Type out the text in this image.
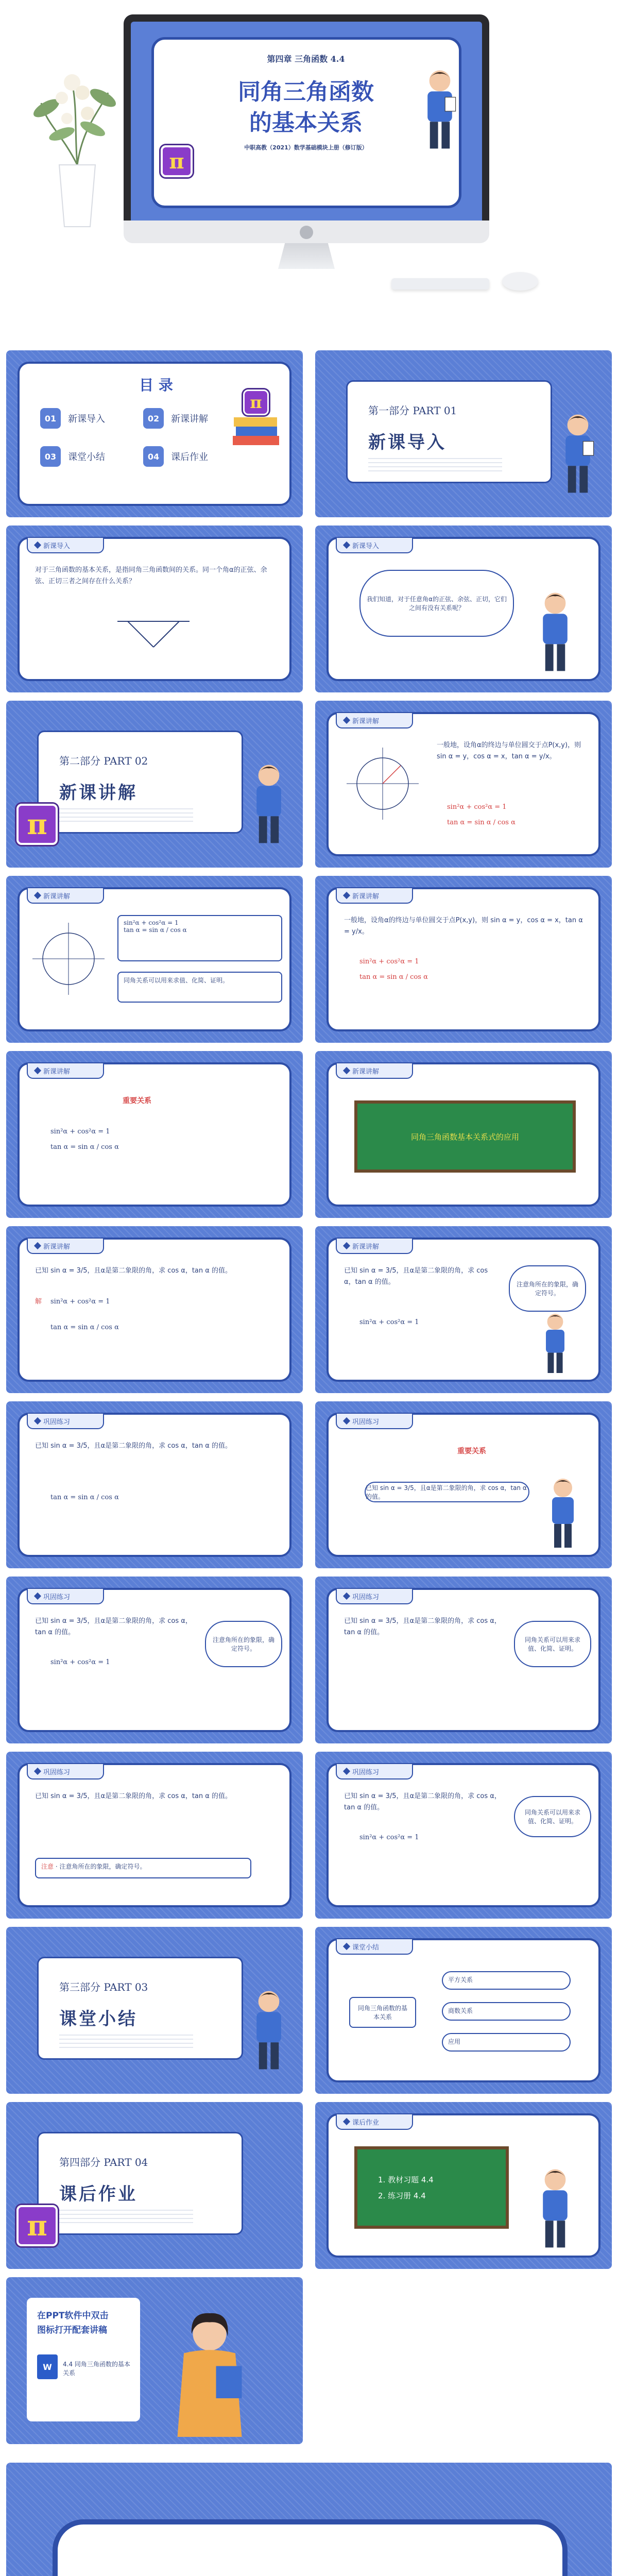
第四章 三角函数 4.4
同角三角函数
的基本关系
中职高教（2021）数学基础模块上册（修订版）
π
目 录
01	新课导入	02	新课讲解
03	课堂小结	04	课后作业
π	第一部分 PART 01
新课导入
新课导入
对于三角函数的基本关系，是指同角三角函数间的关系。同一个角α的正弦、余弦、正切三者之间存在什么关系？
新课导入
我们知道，对于任意角α的正弦、余弦、正切，它们之间有没有关系呢？
第二部分 PART 02
新课讲解
π
新课讲解
一般地，设角α的终边与单位圆交于点P(x,y)，则 sin α = y，cos α = x，tan α = y/x。
sin²α + cos²α = 1
tan α = sin α / cos α
新课讲解
sin²α + cos²α = 1
tan α = sin α / cos α
同角关系可以用来求值、化简、证明。
新课讲解
一般地，设角α的终边与单位圆交于点P(x,y)，则 sin α = y，cos α = x，tan α = y/x。
sin²α + cos²α = 1
tan α = sin α / cos α
新课讲解
重要关系
sin²α + cos²α = 1
tan α = sin α / cos α
新课讲解
同角三角函数基本关系式的应用
新课讲解
已知 sin α = 3/5，且α是第二象限的角，求 cos α，tan α 的值。
解 sin²α + cos²α = 1
tan α = sin α / cos α
新课讲解
已知 sin α = 3/5，且α是第二象限的角，求 cos α，tan α 的值。
sin²α + cos²α = 1
注意角所在的象限，确定符号。
巩固练习
已知 sin α = 3/5，且α是第二象限的角，求 cos α，tan α 的值。
tan α = sin α / cos α
巩固练习
重要关系
已知 sin α = 3/5，且α是第二象限的角，求 cos α，tan α 的值。
巩固练习
已知 sin α = 3/5，且α是第二象限的角，求 cos α，tan α 的值。
sin²α + cos²α = 1
注意角所在的象限，确定符号。
巩固练习
已知 sin α = 3/5，且α是第二象限的角，求 cos α，tan α 的值。
同角关系可以用来求值、化简、证明。
巩固练习
已知 sin α = 3/5，且α是第二象限的角，求 cos α，tan α 的值。
注意 · 注意角所在的象限，确定符号。
巩固练习
已知 sin α = 3/5，且α是第二象限的角，求 cos α，tan α 的值。
sin²α + cos²α = 1
同角关系可以用来求值、化简、证明。
第三部分 PART 03
课堂小结
课堂小结
同角三角函数的基本关系
平方关系
商数关系
应用
第四部分 PART 04
课后作业
π
课后作业
1. 教材习题 4.4
2. 练习册 4.4
在PPT软件中双击
图标打开配套讲稿
W	4.4 同角三角函数的基本关系
